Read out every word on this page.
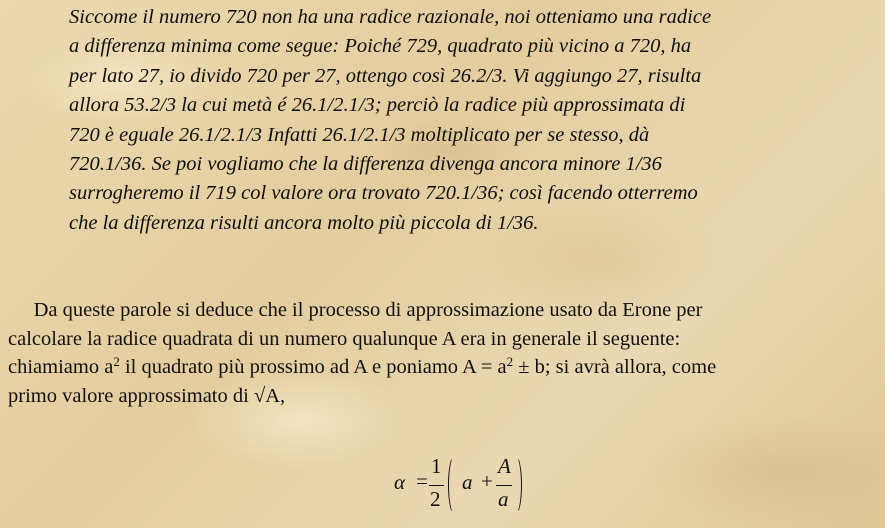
Siccome il numero 720 non ha una radice razionale, noi otteniamo una radice
a differenza minima come segue: Poiché 729, quadrato più vicino a 720, ha
per lato 27, io divido 720 per 27, ottengo così 26.2/3. Vi aggiungo 27, risulta
allora 53.2/3 la cui metà é 26.1/2.1/3; perciò la radice più approssimata di
720 è eguale 26.1/2.1/3 Infatti 26.1/2.1/3 moltiplicato per se stesso, dà
720.1/36. Se poi vogliamo che la differenza divenga ancora minore 1/36
surrogheremo il 719 col valore ora trovato 720.1/36; così facendo otterremo
che la differenza risulti ancora molto più piccola di 1/36.
Da queste parole si deduce che il processo di approssimazione usato da Erone per
calcolare la radice quadrata di un numero qualunque A era in generale il seguente:
chiamiamo $a^2$ il quadrato più prossimo ad A e poniamo $A = a^2 \pm b$; si avrà allora, come
primo valore approssimato di √A,
α =
1
2
a +
A
a
